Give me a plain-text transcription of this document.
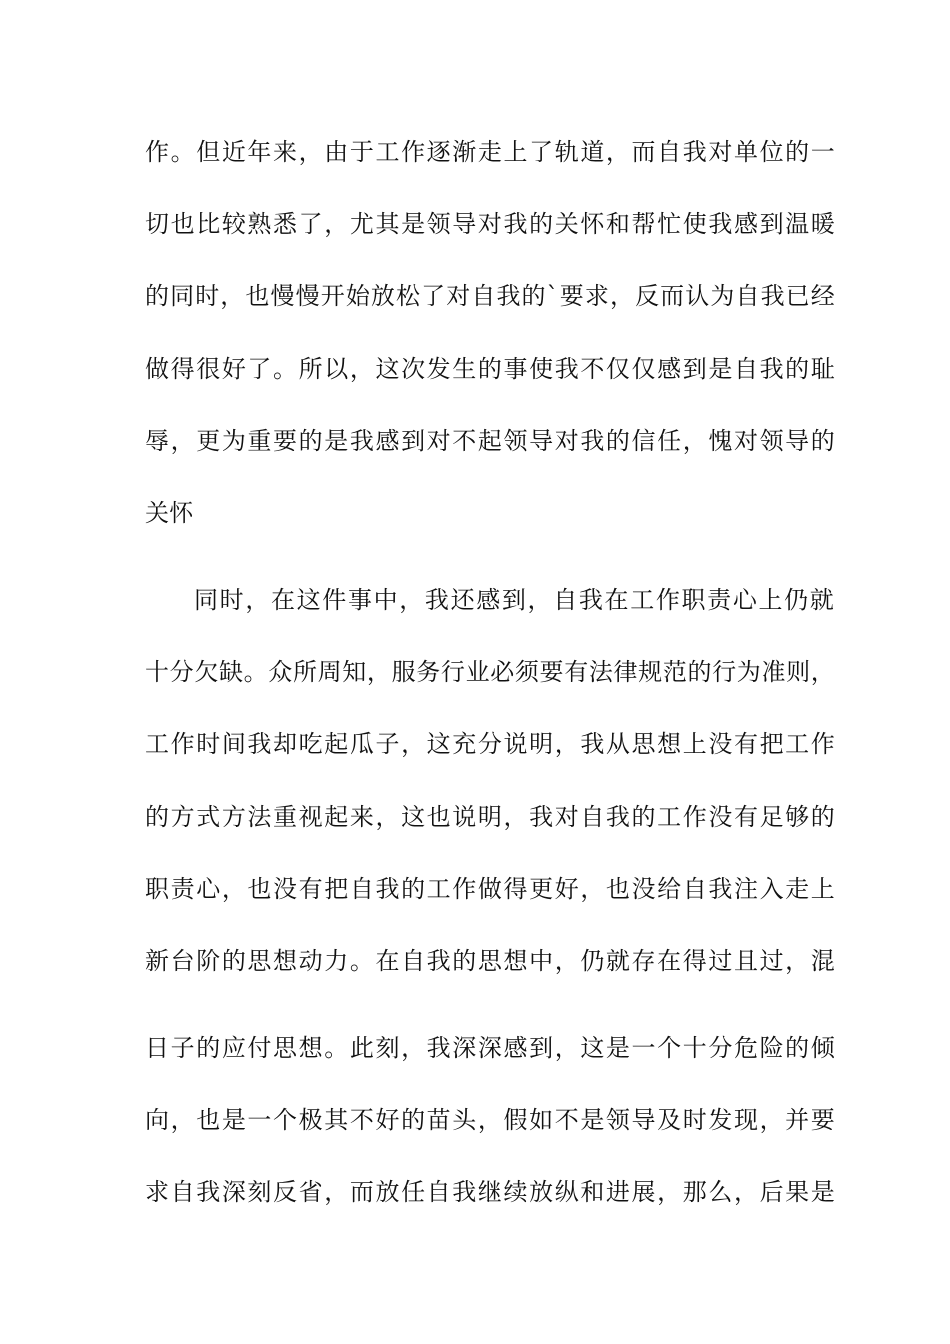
作。但近年来，由于工作逐渐走上了轨道，而自我对单位的一
切也比较熟悉了，尤其是领导对我的关怀和帮忙使我感到温暖
的同时，也慢慢开始放松了对自我的`要求，反而认为自我已经
做得很好了。所以，这次发生的事使我不仅仅感到是自我的耻
辱，更为重要的是我感到对不起领导对我的信任，愧对领导的
关怀
同时，在这件事中，我还感到，自我在工作职责心上仍就
十分欠缺。众所周知，服务行业必须要有法律规范的行为准则，
工作时间我却吃起瓜子，这充分说明，我从思想上没有把工作
的方式方法重视起来，这也说明，我对自我的工作没有足够的
职责心，也没有把自我的工作做得更好，也没给自我注入走上
新台阶的思想动力。在自我的思想中，仍就存在得过且过，混
日子的应付思想。此刻，我深深感到，这是一个十分危险的倾
向，也是一个极其不好的苗头，假如不是领导及时发现，并要
求自我深刻反省，而放任自我继续放纵和进展，那么，后果是
